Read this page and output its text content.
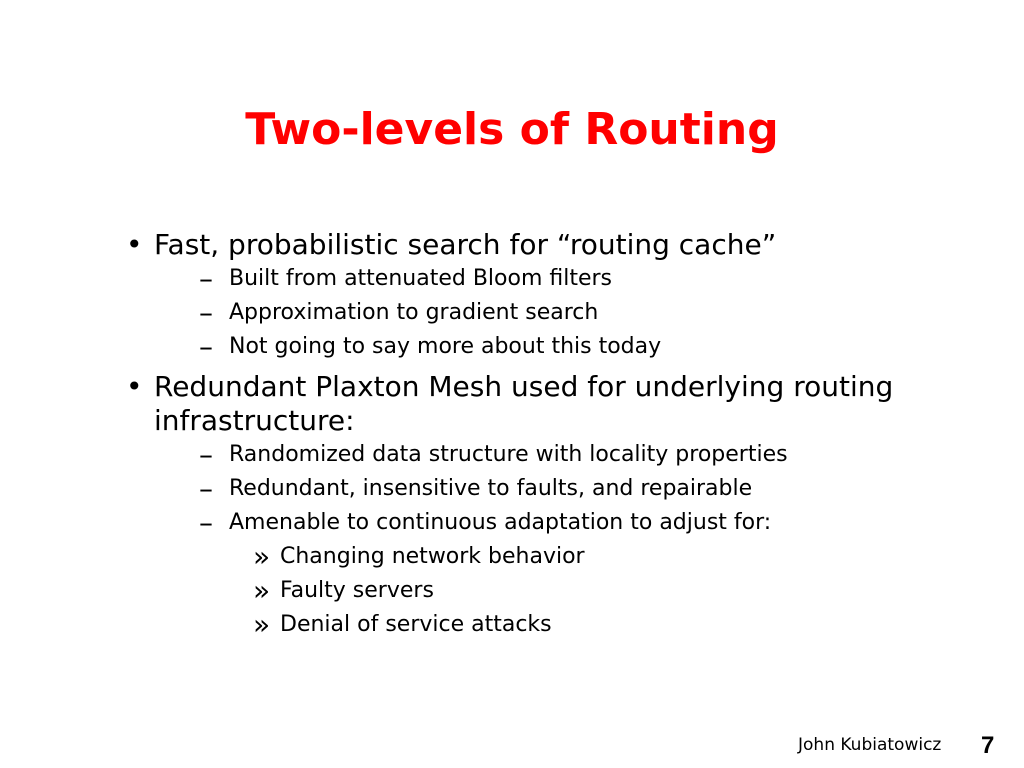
Two-levels of Routing
• Fast, probabilistic search for “routing cache”
– Built from attenuated Bloom filters
– Approximation to gradient search
– Not going to say more about this today
• Redundant Plaxton Mesh used for underlying routing infrastructure:
– Randomized data structure with locality properties
– Redundant, insensitive to faults, and repairable
– Amenable to continuous adaptation to adjust for:
» Changing network behavior
» Faulty servers
» Denial of service attacks

John Kubiatowicz 7
